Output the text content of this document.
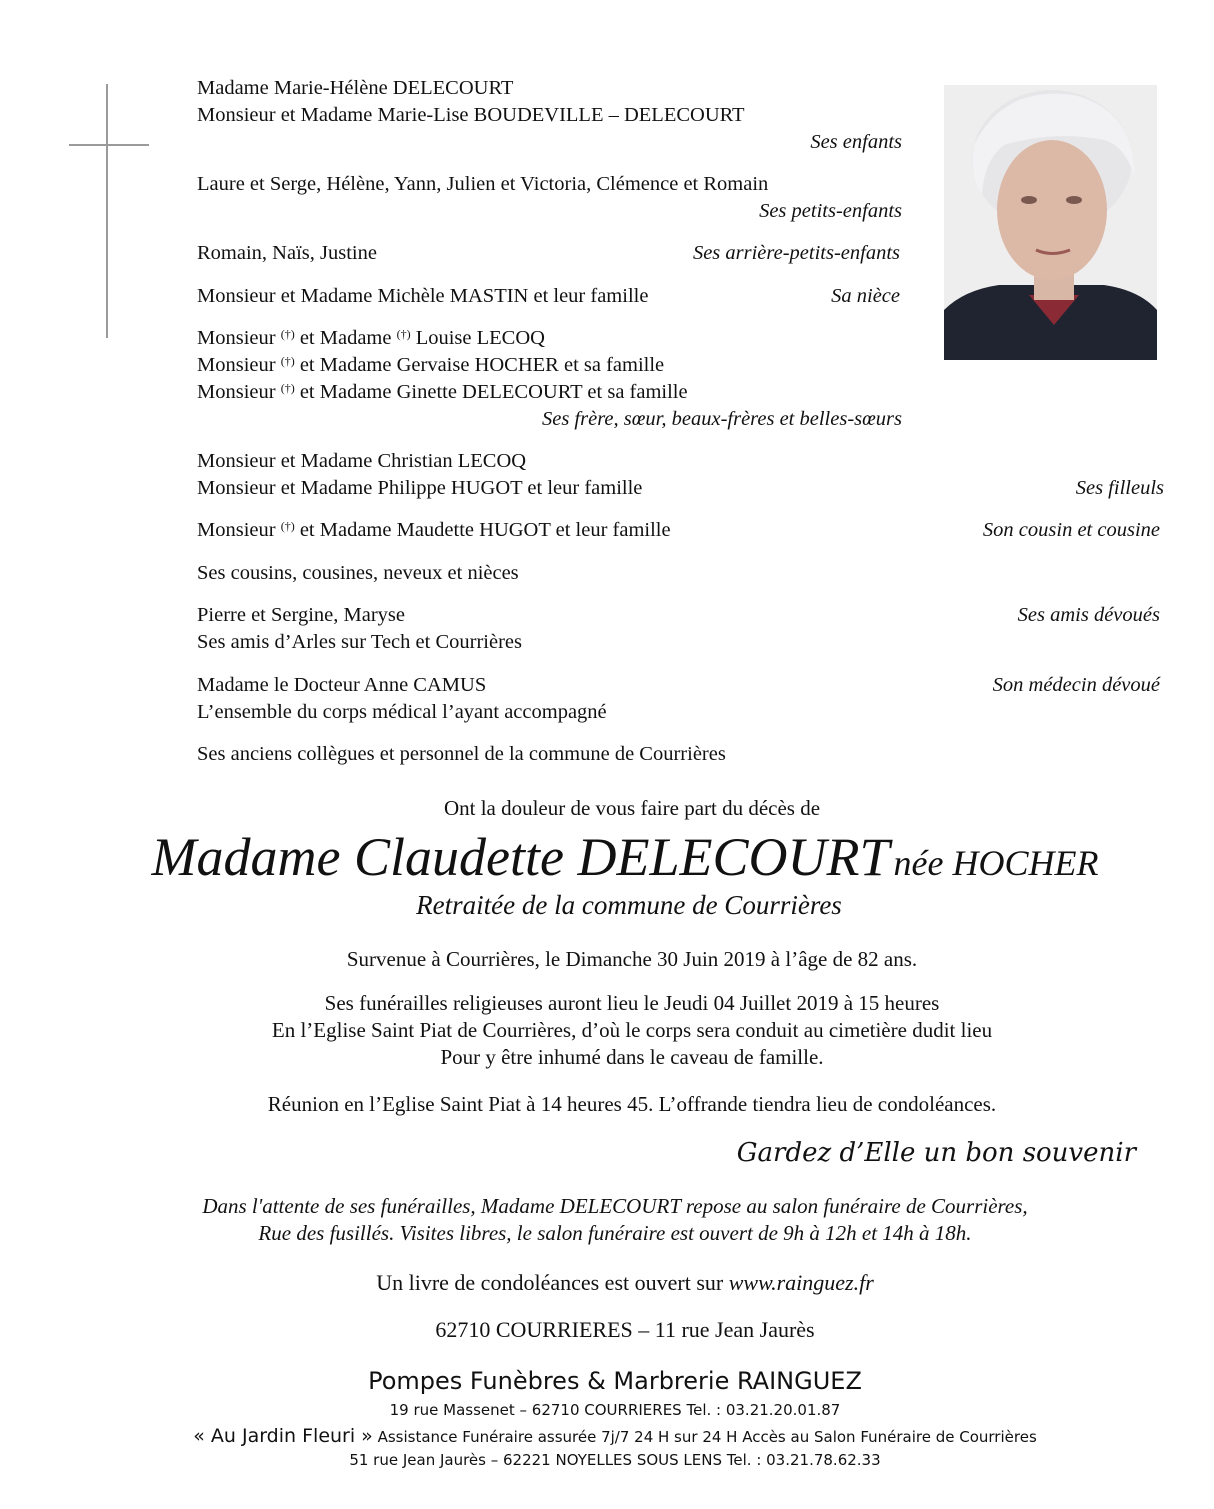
Madame Marie-Hélène DELECOURT
Monsieur et Madame Marie-Lise BOUDEVILLE – DELECOURT
Ses enfants
Laure et Serge, Hélène, Yann, Julien et Victoria, Clémence et Romain
Ses petits-enfants
Romain, Naïs, Justine	Ses arrière-petits-enfants
Monsieur et Madame Michèle MASTIN et leur famille	Sa nièce
Monsieur (†) et Madame (†) Louise LECOQ
Monsieur (†) et Madame Gervaise HOCHER et sa famille
Monsieur (†) et Madame Ginette DELECOURT et sa famille
Ses frère, sœur, beaux-frères et belles-sœurs
Monsieur et Madame Christian LECOQ
Monsieur et Madame Philippe HUGOT et leur famille	Ses filleuls
Monsieur (†) et Madame Maudette HUGOT et leur famille	Son cousin et cousine
Ses cousins, cousines, neveux et nièces
Pierre et Sergine, Maryse
Ses amis d’Arles sur Tech et Courrières
Ses amis dévoués
Madame le Docteur Anne CAMUS
L’ensemble du corps médical l’ayant accompagné
Son médecin dévoué
Ses anciens collègues et personnel de la commune de Courrières
Ont la douleur de vous faire part du décès de
Madame Claudette DELECOURT née HOCHER
Retraitée de la commune de Courrières
Survenue à Courrières, le Dimanche 30 Juin 2019 à l’âge de 82 ans.
Ses funérailles religieuses auront lieu le Jeudi 04 Juillet 2019 à 15 heures
En l’Eglise Saint Piat de Courrières, d’où le corps sera conduit au cimetière dudit lieu
Pour y être inhumé dans le caveau de famille.
Réunion en l’Eglise Saint Piat à 14 heures 45. L’offrande tiendra lieu de condoléances.
Gardez d’Elle un bon souvenir
Dans l'attente de ses funérailles, Madame DELECOURT repose au salon funéraire de Courrières,
Rue des fusillés. Visites libres, le salon funéraire est ouvert de 9h à 12h et 14h à 18h.
Un livre de condoléances est ouvert sur www.rainguez.fr
62710 COURRIERES – 11 rue Jean Jaurès
Pompes Funèbres & Marbrerie RAINGUEZ
19 rue Massenet – 62710 COURRIERES Tel. : 03.21.20.01.87
« Au Jardin Fleuri » Assistance Funéraire assurée 7j/7 24 H sur 24 H Accès au Salon Funéraire de Courrières
51 rue Jean Jaurès – 62221 NOYELLES SOUS LENS Tel. : 03.21.78.62.33
